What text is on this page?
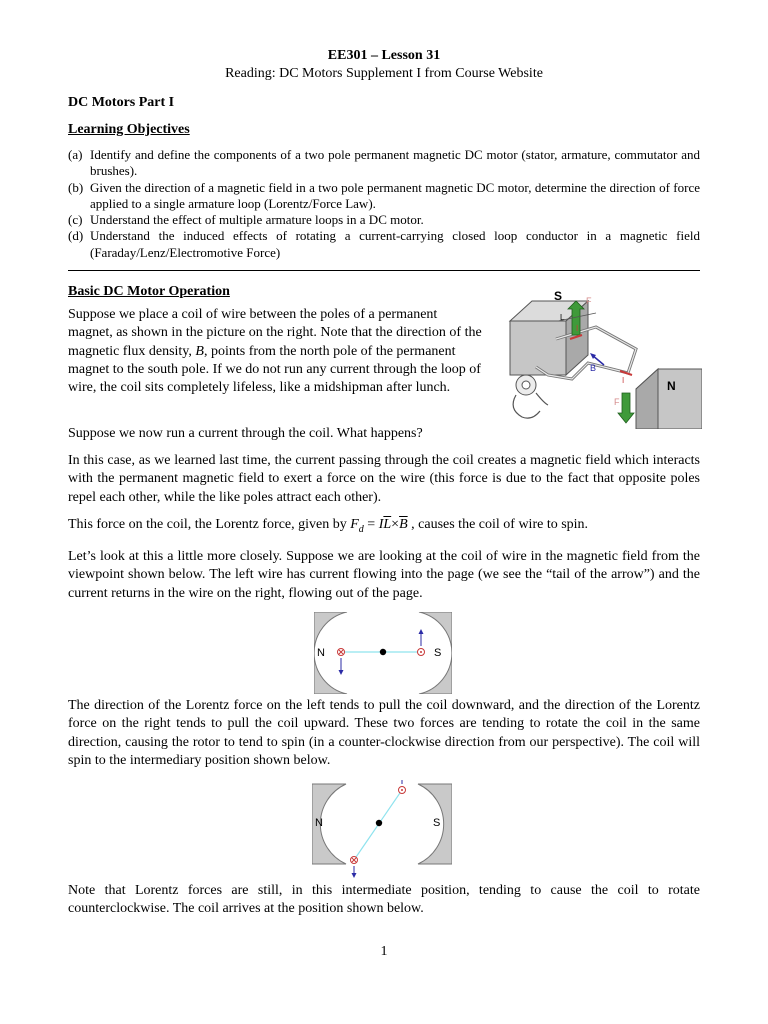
EE301 – Lesson 31
Reading: DC Motors Supplement I from Course Website
DC Motors Part I
Learning Objectives
(a) Identify and define the components of a two pole permanent magnetic DC motor (stator, armature, commutator and brushes).
(b) Given the direction of a magnetic field in a two pole permanent magnetic DC motor, determine the direction of force applied to a single armature loop (Lorentz/Force Law).
(c) Understand the effect of multiple armature loops in a DC motor.
(d) Understand the induced effects of rotating a current-carrying closed loop conductor in a magnetic field (Faraday/Lenz/Electromotive Force)
Basic DC Motor Operation
Suppose we place a coil of wire between the poles of a permanent magnet, as shown in the picture on the right. Note that the direction of the magnetic flux density, B, points from the north pole of the permanent magnet to the south pole. If we do not run any current through the loop of wire, the coil sits completely lifeless, like a midshipman after lunch.
S
N
F
F
L
I
I
B
Suppose we now run a current through the coil. What happens?
In this case, as we learned last time, the current passing through the coil creates a magnetic field which interacts with the permanent magnetic field to exert a force on the wire (this force is due to the fact that opposite poles repel each other, while the like poles attract each other).
This force on the coil, the Lorentz force, given by $F_d = I\overline{L}\times\overline{B}$ , causes the coil of wire to spin.
Let’s look at this a little more closely. Suppose we are looking at the coil of wire in the magnetic field from the viewpoint shown below. The left wire has current flowing into the page (we see the “tail of the arrow”) and the current returns in the wire on the right, flowing out of the page.
N	S
The direction of the Lorentz force on the left tends to pull the coil downward, and the direction of the Lorentz force on the right tends to pull the coil upward. These two forces are tending to rotate the coil in the same direction, causing the rotor to tend to spin (in a counter-clockwise direction from our perspective). The coil will spin to the intermediary position shown below.
N	S
Note that Lorentz forces are still, in this intermediate position, tending to cause the coil to rotate counterclockwise. The coil arrives at the position shown below.
1
